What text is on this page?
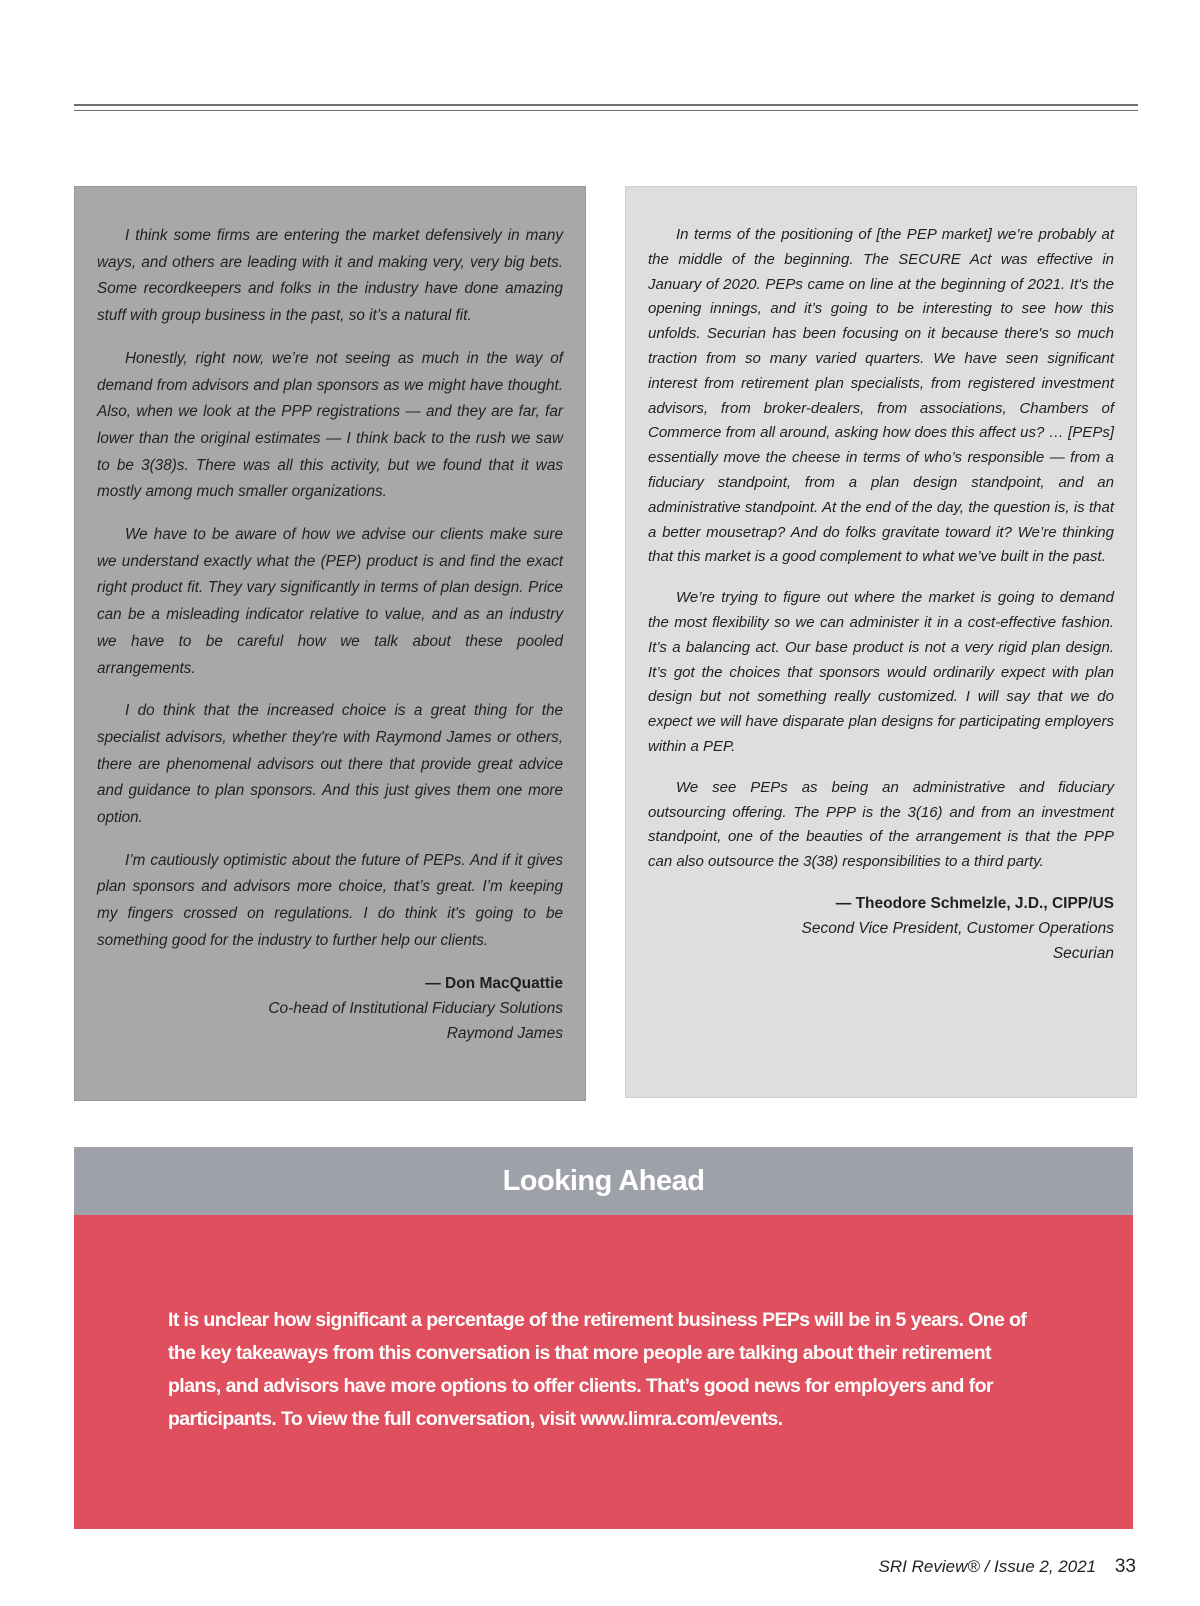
I think some firms are entering the market defensively in many ways, and others are leading with it and making very, very big bets. Some recordkeepers and folks in the industry have done amazing stuff with group business in the past, so it’s a natural fit.

Honestly, right now, we’re not seeing as much in the way of demand from advisors and plan sponsors as we might have thought. Also, when we look at the PPP registrations — and they are far, far lower than the original estimates — I think back to the rush we saw to be 3(38)s. There was all this activity, but we found that it was mostly among much smaller organizations.

We have to be aware of how we advise our clients make sure we understand exactly what the (PEP) product is and find the exact right product fit. They vary significantly in terms of plan design. Price can be a misleading indicator relative to value, and as an industry we have to be careful how we talk about these pooled arrangements.

I do think that the increased choice is a great thing for the specialist advisors, whether they're with Raymond James or others, there are phenomenal advisors out there that provide great advice and guidance to plan sponsors. And this just gives them one more option.

I’m cautiously optimistic about the future of PEPs. And if it gives plan sponsors and advisors more choice, that’s great. I’m keeping my fingers crossed on regulations. I do think it's going to be something good for the industry to further help our clients.

— Don MacQuattie
Co-head of Institutional Fiduciary Solutions
Raymond James

In terms of the positioning of [the PEP market] we’re probably at the middle of the beginning. The SECURE Act was effective in January of 2020. PEPs came on line at the beginning of 2021. It's the opening innings, and it’s going to be interesting to see how this unfolds. Securian has been focusing on it because there's so much traction from so many varied quarters. We have seen significant interest from retirement plan specialists, from registered investment advisors, from broker-dealers, from associations, Chambers of Commerce from all around, asking how does this affect us? … [PEPs] essentially move the cheese in terms of who’s responsible — from a fiduciary standpoint, from a plan design standpoint, and an administrative standpoint. At the end of the day, the question is, is that a better mousetrap? And do folks gravitate toward it? We’re thinking that this market is a good complement to what we’ve built in the past.

We’re trying to figure out where the market is going to demand the most flexibility so we can administer it in a cost-effective fashion. It’s a balancing act. Our base product is not a very rigid plan design. It’s got the choices that sponsors would ordinarily expect with plan design but not something really customized. I will say that we do expect we will have disparate plan designs for participating employers within a PEP.

We see PEPs as being an administrative and fiduciary outsourcing offering. The PPP is the 3(16) and from an investment standpoint, one of the beauties of the arrangement is that the PPP can also outsource the 3(38) responsibilities to a third party.

— Theodore Schmelzle, J.D., CIPP/US
Second Vice President, Customer Operations
Securian
Looking Ahead

It is unclear how significant a percentage of the retirement business PEPs will be in 5 years. One of the key takeaways from this conversation is that more people are talking about their retirement plans, and advisors have more options to offer clients. That’s good news for employers and for participants. To view the full conversation, visit www.limra.com/events.

SRI Review® / Issue 2, 2021 33
